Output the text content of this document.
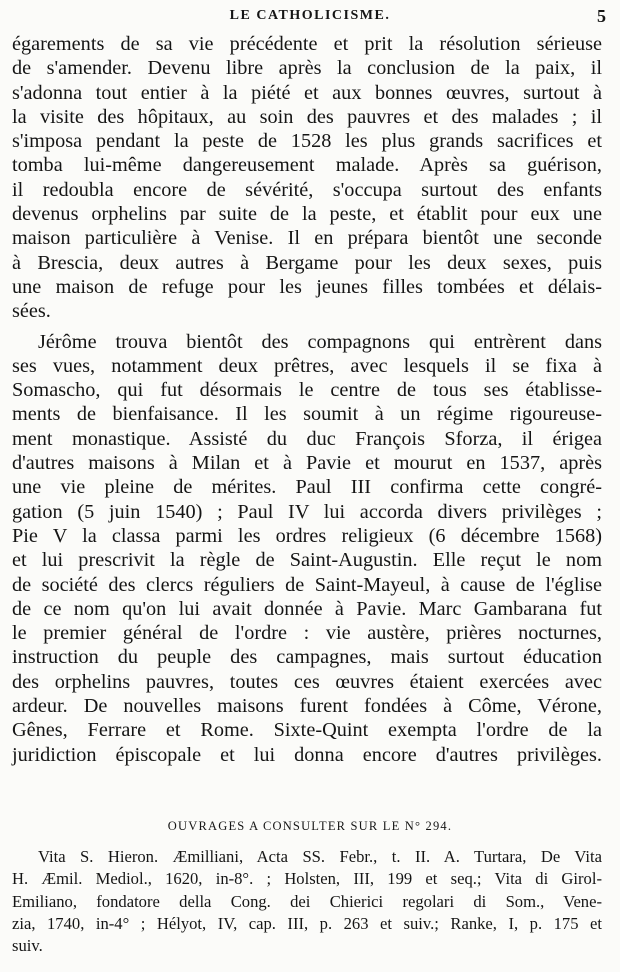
LE CATHOLICISME.	5
égarements de sa vie précédente et prit la résolution sérieuse
de s'amender. Devenu libre après la conclusion de la paix, il
s'adonna tout entier à la piété et aux bonnes œuvres, surtout à
la visite des hôpitaux, au soin des pauvres et des malades ; il
s'imposa pendant la peste de 1528 les plus grands sacrifices et
tomba lui-même dangereusement malade. Après sa guérison,
il redoubla encore de sévérité, s'occupa surtout des enfants
devenus orphelins par suite de la peste, et établit pour eux une
maison particulière à Venise. Il en prépara bientôt une seconde
à Brescia, deux autres à Bergame pour les deux sexes, puis
une maison de refuge pour les jeunes filles tombées et délais-
sées.
Jérôme trouva bientôt des compagnons qui entrèrent dans
ses vues, notamment deux prêtres, avec lesquels il se fixa à
Somascho, qui fut désormais le centre de tous ses établisse-
ments de bienfaisance. Il les soumit à un régime rigoureuse-
ment monastique. Assisté du duc François Sforza, il érigea
d'autres maisons à Milan et à Pavie et mourut en 1537, après
une vie pleine de mérites. Paul III confirma cette congré-
gation (5 juin 1540) ; Paul IV lui accorda divers privilèges ;
Pie V la classa parmi les ordres religieux (6 décembre 1568)
et lui prescrivit la règle de Saint-Augustin. Elle reçut le nom
de société des clercs réguliers de Saint-Mayeul, à cause de l'église
de ce nom qu'on lui avait donnée à Pavie. Marc Gambarana fut
le premier général de l'ordre : vie austère, prières nocturnes,
instruction du peuple des campagnes, mais surtout éducation
des orphelins pauvres, toutes ces œuvres étaient exercées avec
ardeur. De nouvelles maisons furent fondées à Côme, Vérone,
Gênes, Ferrare et Rome. Sixte-Quint exempta l'ordre de la
juridiction épiscopale et lui donna encore d'autres privilèges.
OUVRAGES A CONSULTER SUR LE N° 294.
Vita S. Hieron. Æmilliani, Acta SS. Febr., t. II. A. Turtara, De Vita
H. Æmil. Mediol., 1620, in-8°. ; Holsten, III, 199 et seq.; Vita di Girol-
Emiliano, fondatore della Cong. dei Chierici regolari di Som., Vene-
zia, 1740, in-4° ; Hélyot, IV, cap. III, p. 263 et suiv.; Ranke, I, p. 175 et
suiv.
